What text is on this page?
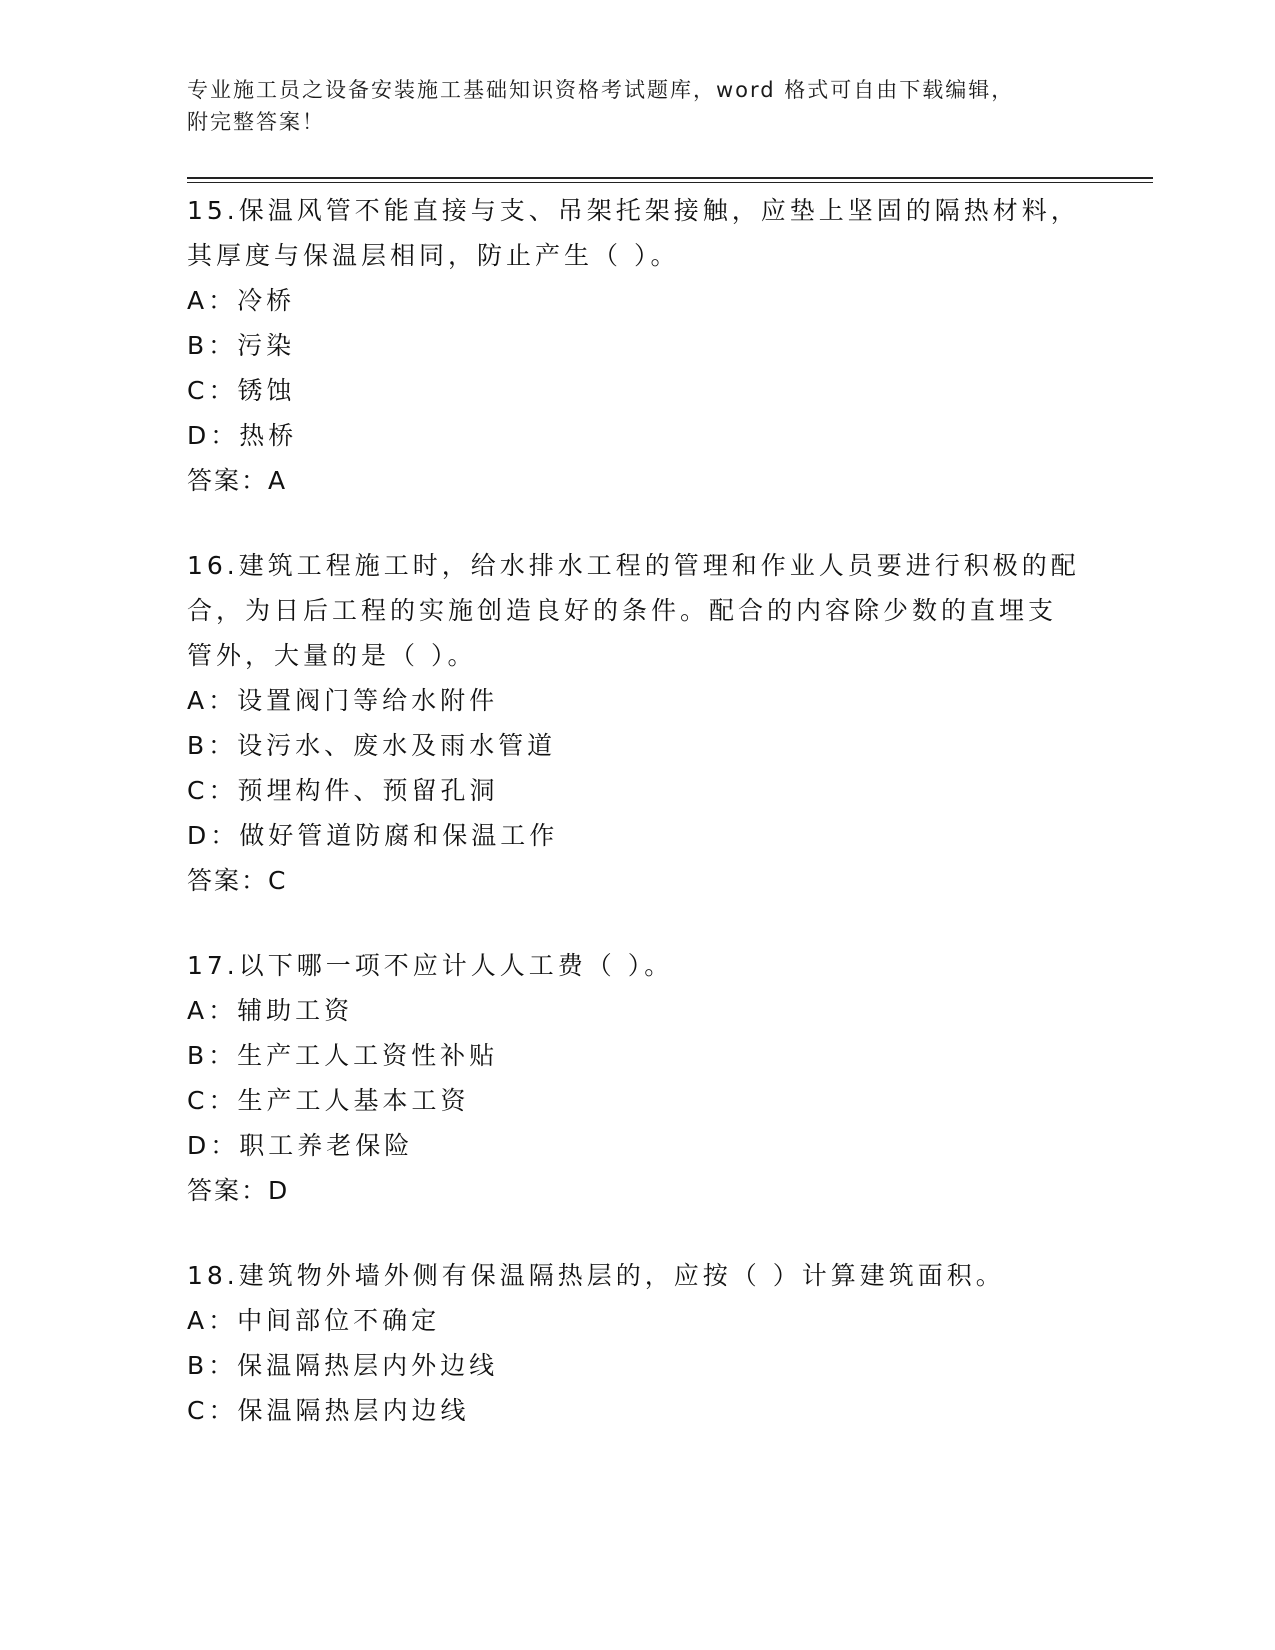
专业施工员之设备安装施工基础知识资格考试题库，word 格式可自由下载编辑，
附完整答案！

15.保温风管不能直接与支、吊架托架接触，应垫上坚固的隔热材料，

其厚度与保温层相同，防止产生（ ）。

A：冷桥

B：污染

C：锈蚀

D：热桥

答案：A

16.建筑工程施工时，给水排水工程的管理和作业人员要进行积极的配

合，为日后工程的实施创造良好的条件。配合的内容除少数的直埋支

管外，大量的是（ ）。

A：设置阀门等给水附件

B：设污水、废水及雨水管道

C：预埋构件、预留孔洞

D：做好管道防腐和保温工作

答案：C

17.以下哪一项不应计人人工费（ ）。

A：辅助工资

B：生产工人工资性补贴

C：生产工人基本工资

D：职工养老保险

答案：D

18.建筑物外墙外侧有保温隔热层的，应按（ ）计算建筑面积。

A：中间部位不确定

B：保温隔热层内外边线

C：保温隔热层内边线
